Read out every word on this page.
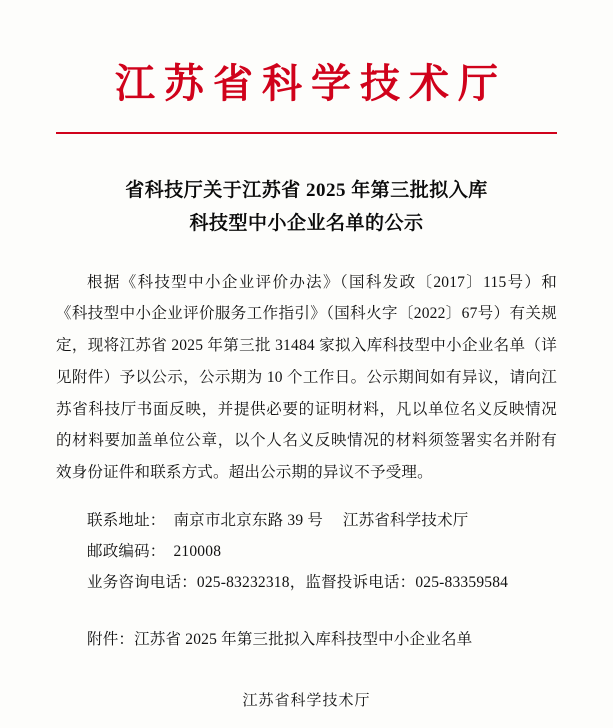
江苏省科学技术厅
省科技厅关于江苏省 2025 年第三批拟入库
科技型中小企业名单的公示

根据《科技型中小企业评价办法》（国科发政〔2017〕115号）和《科技型中小企业评价服务工作指引》（国科火字〔2022〕67号）有关规定，现将江苏省 2025 年第三批 31484 家拟入库科技型中小企业名单（详见附件）予以公示，公示期为 10 个工作日。公示期间如有异议，请向江苏省科技厅书面反映，并提供必要的证明材料，凡以单位名义反映情况的材料要加盖单位公章，以个人名义反映情况的材料须签署实名并附有效身份证件和联系方式。超出公示期的异议不予受理。

联系地址：　南京市北京东路 39 号　 江苏省科学技术厅
邮政编码：　210008
业务咨询电话：025-83232318，监督投诉电话：025-83359584
附件：江苏省 2025 年第三批拟入库科技型中小企业名单
江苏省科学技术厅
